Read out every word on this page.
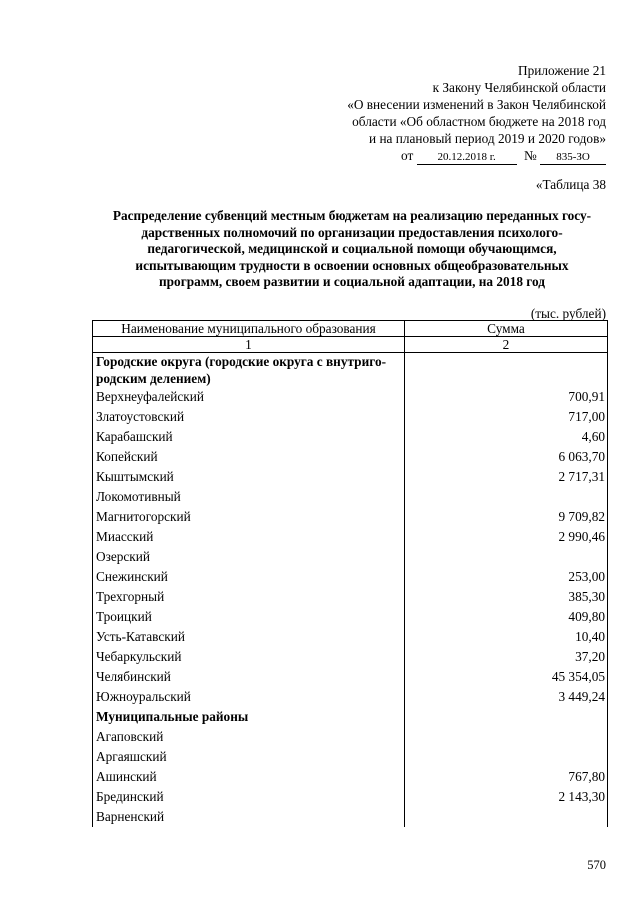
Приложение 21
к Закону Челябинской области
«О внесении изменений в Закон Челябинской
области «Об областном бюджете на 2018 год
и на плановый период 2019 и 2020 годов»
от 20.12.2018 г. № 835-ЗО
«Таблица 38
Распределение субвенций местным бюджетам на реализацию переданных госу-
дарственных полномочий по организации предоставления психолого-
педагогической, медицинской и социальной помощи обучающимся,
испытывающим трудности в освоении основных общеобразовательных
программ, своем развитии и социальной адаптации, на 2018 год
(тыс. рублей)
Наименование муниципального образования	Сумма
1	2
Городские округа (городские округа с внутриго-родским делением)	
Верхнеуфалейский	700,91
Златоустовский	717,00
Карабашский	4,60
Копейский	6 063,70
Кыштымский	2 717,31
Локомотивный	
Магнитогорский	9 709,82
Миасский	2 990,46
Озерский	
Снежинский	253,00
Трехгорный	385,30
Троицкий	409,80
Усть-Катавский	10,40
Чебаркульский	37,20
Челябинский	45 354,05
Южноуральский	3 449,24
Муниципальные районы	
Агаповский	
Аргаяшский	
Ашинский	767,80
Брединский	2 143,30
Варненский	
570
